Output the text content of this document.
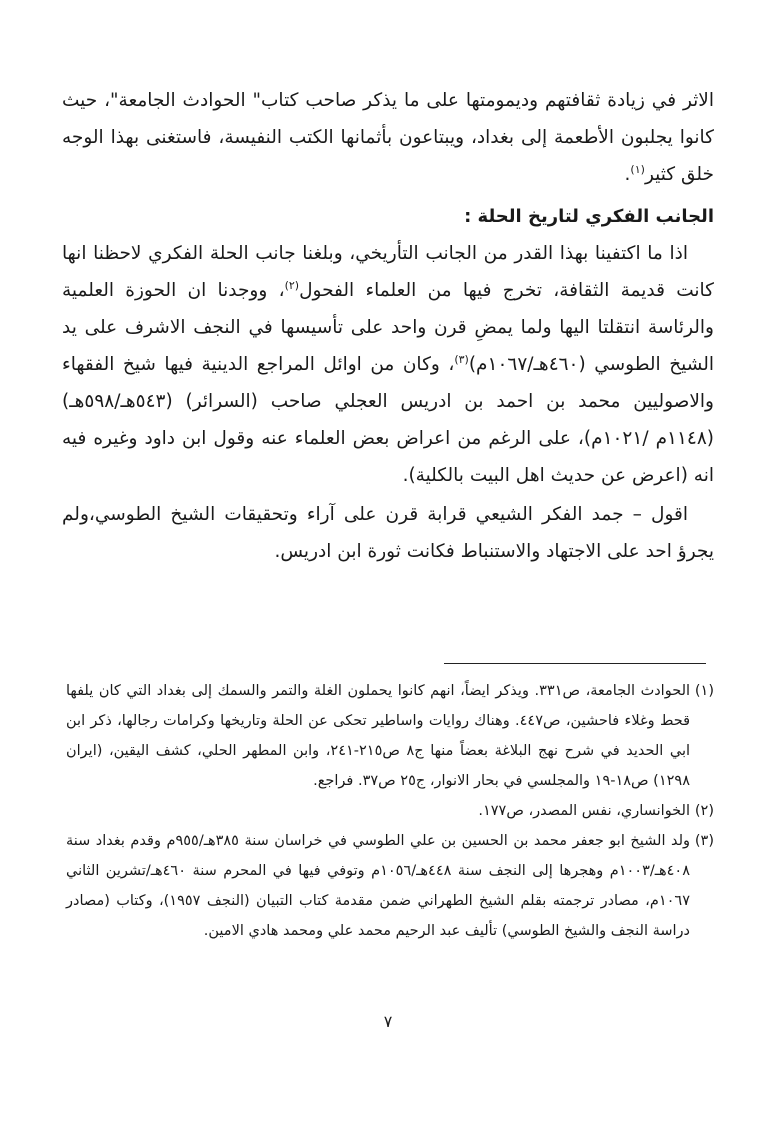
الاثر في زيادة ثقافتهم وديمومتها على ما يذكر صاحب كتاب" الحوادث الجامعة"، حيث كانوا يجلبون الأطعمة إلى بغداد، ويبتاعون بأثمانها الكتب النفيسة، فاستغنى بهذا الوجه خلق كثير$^{(١)}$.

الجانب الفكري لتاريخ الحلة :

اذا ما اكتفينا بهذا القدر من الجانب التأريخي، وبلغنا جانب الحلة الفكري لاحظنا انها كانت قديمة الثقافة، تخرج فيها من العلماء الفحول$^{(٢)}$، ووجدنا ان الحوزة العلمية والرئاسة انتقلتا اليها ولما يمضِ قرن واحد على تأسيسها في النجف الاشرف على يد الشيخ الطوسي (٤٦٠هـ/١٠٦٧م)$^{(٣)}$، وكان من اوائل المراجع الدينية فيها شيخ الفقهاء والاصوليين محمد بن احمد بن ادريس العجلي صاحب (السرائر) (٥٤٣هـ/٥٩٨هـ) (١١٤٨م /١٠٢١م)، على الرغم من اعراض بعض العلماء عنه وقول ابن داود وغيره فيه انه (اعرض عن حديث اهل البيت بالكلية).

اقول – جمد الفكر الشيعي قرابة قرن على آراء وتحقيقات الشيخ الطوسي،ولم يجرؤ احد على الاجتهاد والاستنباط فكانت ثورة ابن ادريس.

(١)
الحوادث الجامعة، ص٣٣١. ويذكر ايضاً، انهم كانوا يحملون الغلة والتمر والسمك إلى بغداد التي كان يلفها قحط وغلاء فاحشين، ص٤٤٧. وهناك روايات واساطير تحكى عن الحلة وتاريخها وكرامات رجالها، ذكر ابن ابي الحديد في شرح نهج البلاغة بعضاً منها ج٨ ص٢١٥-٢٤١، وابن المطهر الحلي، كشف اليقين، (ايران ١٢٩٨) ص١٨-١٩ والمجلسي في بحار الانوار، ج٢٥ ص٣٧. فراجع.

(٢)
الخوانساري، نفس المصدر، ص١٧٧.

(٣)
ولد الشيخ ابو جعفر محمد بن الحسين بن علي الطوسي في خراسان سنة ٣٨٥هـ/٩٥٥م وقدم بغداد سنة ٤٠٨هـ/١٠٠٣م وهجرها إلى النجف سنة ٤٤٨هـ/١٠٥٦م وتوفي فيها في المحرم سنة ٤٦٠هـ/تشرين الثاني ١٠٦٧م، مصادر ترجمته بقلم الشيخ الطهراني ضمن مقدمة كتاب التبيان (النجف ١٩٥٧)، وكتاب (مصادر دراسة النجف والشيخ الطوسي) تأليف عبد الرحيم محمد علي ومحمد هادي الامين.

٧
